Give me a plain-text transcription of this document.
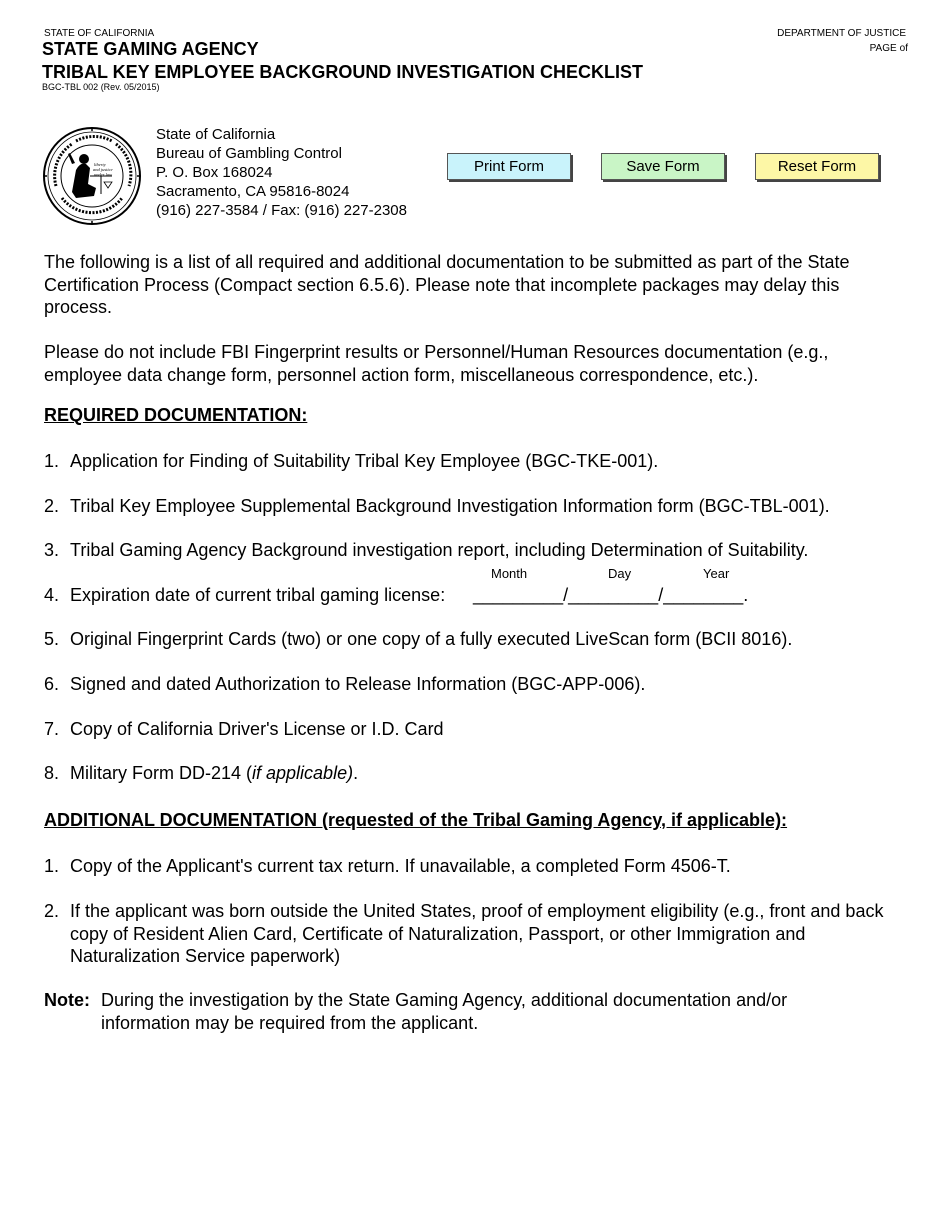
STATE OF CALIFORNIA
STATE GAMING AGENCY
TRIBAL KEY EMPLOYEE BACKGROUND INVESTIGATION CHECKLIST
BGC-TBL 002 (Rev. 05/2015)
DEPARTMENT OF JUSTICE
PAGE of
liberty
and justice
under law
State of California
Bureau of Gambling Control
P. O. Box 168024
Sacramento, CA 95816-8024
(916) 227-3584 / Fax: (916) 227-2308
Print Form	Save Form	Reset Form
The following is a list of all required and additional documentation to be submitted as part of the State Certification Process (Compact section 6.5.6). Please note that incomplete packages may delay this process.
Please do not include FBI Fingerprint results or Personnel/Human Resources documentation (e.g., employee data change form, personnel action form, miscellaneous correspondence, etc.).
REQUIRED DOCUMENTATION:
1. Application for Finding of Suitability Tribal Key Employee (BGC-TKE-001).
2. Tribal Key Employee Supplemental Background Investigation Information form (BGC-TBL-001).
3. Tribal Gaming Agency Background investigation report, including Determination of Suitability.
Month	Day	Year
4. Expiration date of current tribal gaming license:	_________/_________/________.
5. Original Fingerprint Cards (two) or one copy of a fully executed LiveScan form (BCII 8016).
6. Signed and dated Authorization to Release Information (BGC-APP-006).
7. Copy of California Driver's License or I.D. Card
8. Military Form DD-214 (if applicable).
ADDITIONAL DOCUMENTATION (requested of the Tribal Gaming Agency, if applicable):
1. Copy of the Applicant's current tax return. If unavailable, a completed Form 4506-T.
2. If the applicant was born outside the United States, proof of employment eligibility (e.g., front and back copy of Resident Alien Card, Certificate of Naturalization, Passport, or other Immigration and Naturalization Service paperwork)
Note: During the investigation by the State Gaming Agency, additional documentation and/or information may be required from the applicant.
